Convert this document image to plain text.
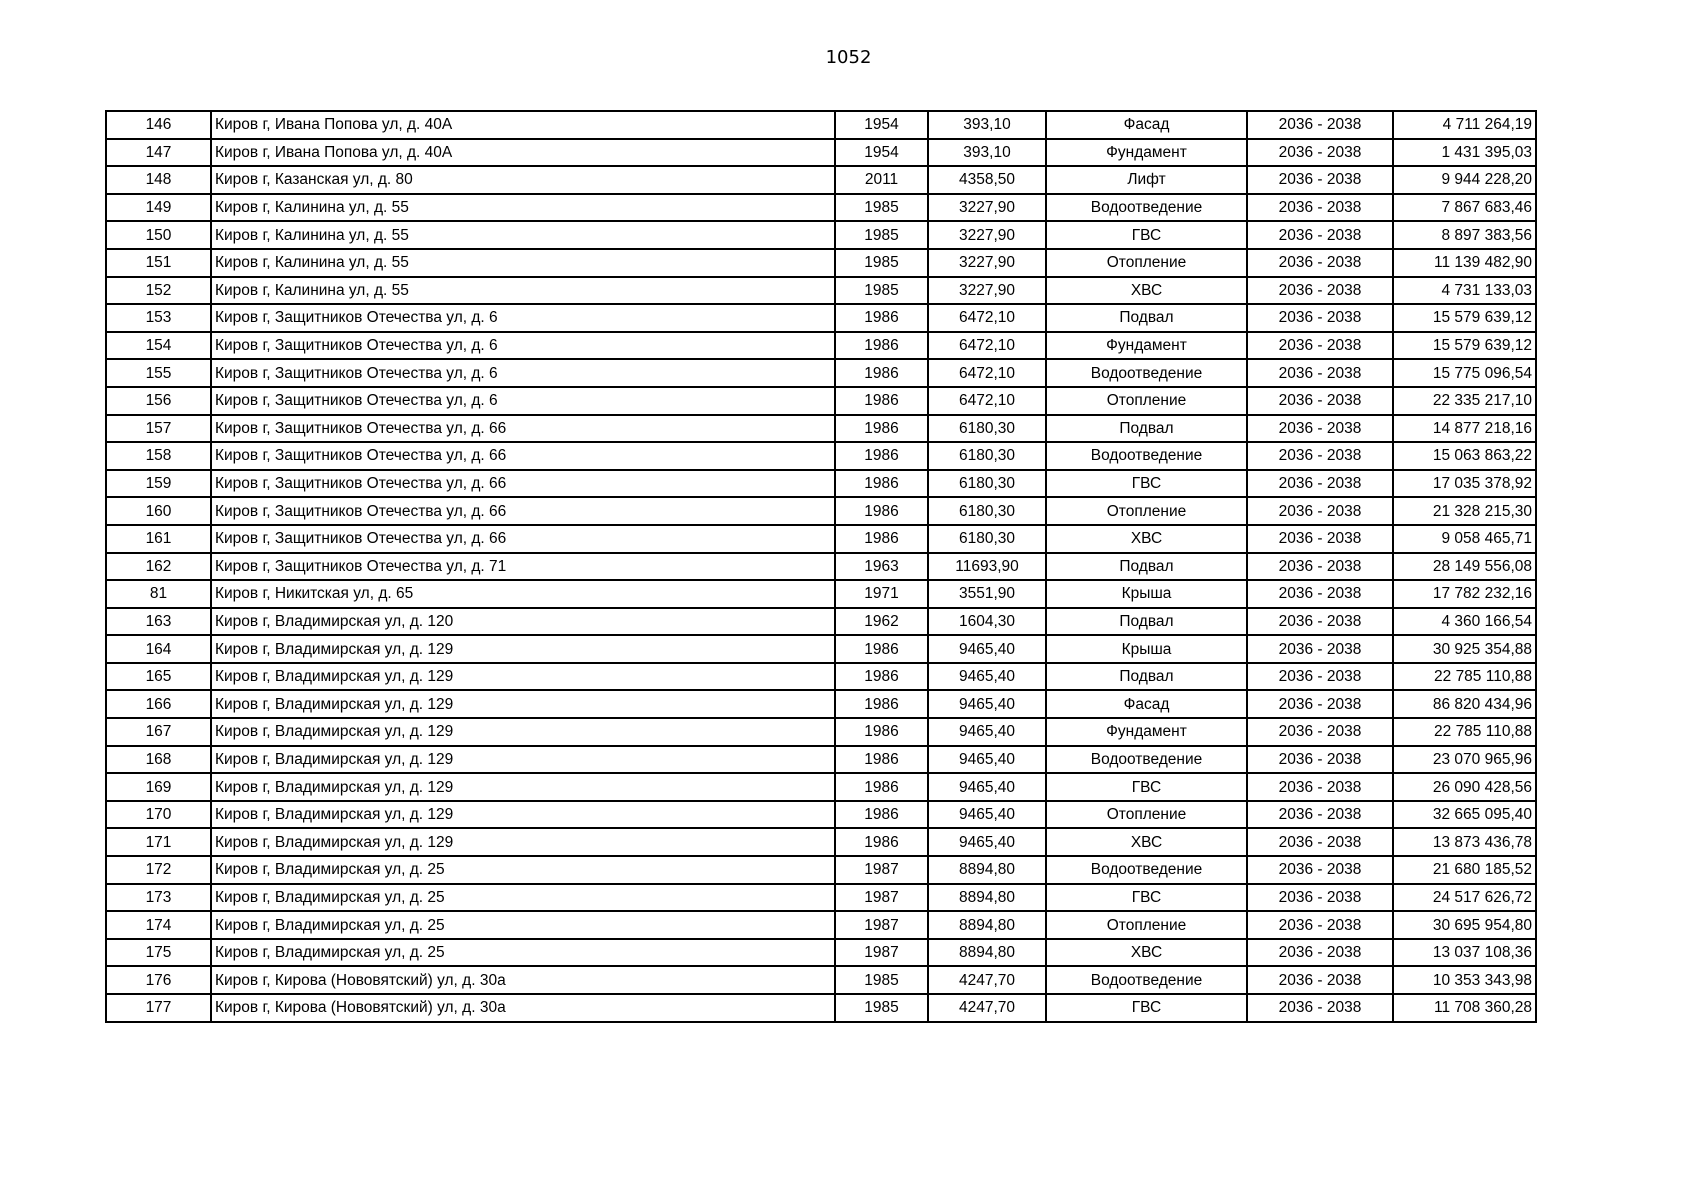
1052
146	Киров г, Ивана Попова ул, д. 40А	1954	393,10	Фасад	2036 - 2038	4 711 264,19
147	Киров г, Ивана Попова ул, д. 40А	1954	393,10	Фундамент	2036 - 2038	1 431 395,03
148	Киров г, Казанская ул, д. 80	2011	4358,50	Лифт	2036 - 2038	9 944 228,20
149	Киров г, Калинина ул, д. 55	1985	3227,90	Водоотведение	2036 - 2038	7 867 683,46
150	Киров г, Калинина ул, д. 55	1985	3227,90	ГВС	2036 - 2038	8 897 383,56
151	Киров г, Калинина ул, д. 55	1985	3227,90	Отопление	2036 - 2038	11 139 482,90
152	Киров г, Калинина ул, д. 55	1985	3227,90	ХВС	2036 - 2038	4 731 133,03
153	Киров г, Защитников Отечества ул, д. 6	1986	6472,10	Подвал	2036 - 2038	15 579 639,12
154	Киров г, Защитников Отечества ул, д. 6	1986	6472,10	Фундамент	2036 - 2038	15 579 639,12
155	Киров г, Защитников Отечества ул, д. 6	1986	6472,10	Водоотведение	2036 - 2038	15 775 096,54
156	Киров г, Защитников Отечества ул, д. 6	1986	6472,10	Отопление	2036 - 2038	22 335 217,10
157	Киров г, Защитников Отечества ул, д. 66	1986	6180,30	Подвал	2036 - 2038	14 877 218,16
158	Киров г, Защитников Отечества ул, д. 66	1986	6180,30	Водоотведение	2036 - 2038	15 063 863,22
159	Киров г, Защитников Отечества ул, д. 66	1986	6180,30	ГВС	2036 - 2038	17 035 378,92
160	Киров г, Защитников Отечества ул, д. 66	1986	6180,30	Отопление	2036 - 2038	21 328 215,30
161	Киров г, Защитников Отечества ул, д. 66	1986	6180,30	ХВС	2036 - 2038	9 058 465,71
162	Киров г, Защитников Отечества ул, д. 71	1963	11693,90	Подвал	2036 - 2038	28 149 556,08
81	Киров г, Никитская ул, д. 65	1971	3551,90	Крыша	2036 - 2038	17 782 232,16
163	Киров г, Владимирская ул, д. 120	1962	1604,30	Подвал	2036 - 2038	4 360 166,54
164	Киров г, Владимирская ул, д. 129	1986	9465,40	Крыша	2036 - 2038	30 925 354,88
165	Киров г, Владимирская ул, д. 129	1986	9465,40	Подвал	2036 - 2038	22 785 110,88
166	Киров г, Владимирская ул, д. 129	1986	9465,40	Фасад	2036 - 2038	86 820 434,96
167	Киров г, Владимирская ул, д. 129	1986	9465,40	Фундамент	2036 - 2038	22 785 110,88
168	Киров г, Владимирская ул, д. 129	1986	9465,40	Водоотведение	2036 - 2038	23 070 965,96
169	Киров г, Владимирская ул, д. 129	1986	9465,40	ГВС	2036 - 2038	26 090 428,56
170	Киров г, Владимирская ул, д. 129	1986	9465,40	Отопление	2036 - 2038	32 665 095,40
171	Киров г, Владимирская ул, д. 129	1986	9465,40	ХВС	2036 - 2038	13 873 436,78
172	Киров г, Владимирская ул, д. 25	1987	8894,80	Водоотведение	2036 - 2038	21 680 185,52
173	Киров г, Владимирская ул, д. 25	1987	8894,80	ГВС	2036 - 2038	24 517 626,72
174	Киров г, Владимирская ул, д. 25	1987	8894,80	Отопление	2036 - 2038	30 695 954,80
175	Киров г, Владимирская ул, д. 25	1987	8894,80	ХВС	2036 - 2038	13 037 108,36
176	Киров г, Кирова (Нововятский) ул, д. 30а	1985	4247,70	Водоотведение	2036 - 2038	10 353 343,98
177	Киров г, Кирова (Нововятский) ул, д. 30а	1985	4247,70	ГВС	2036 - 2038	11 708 360,28
